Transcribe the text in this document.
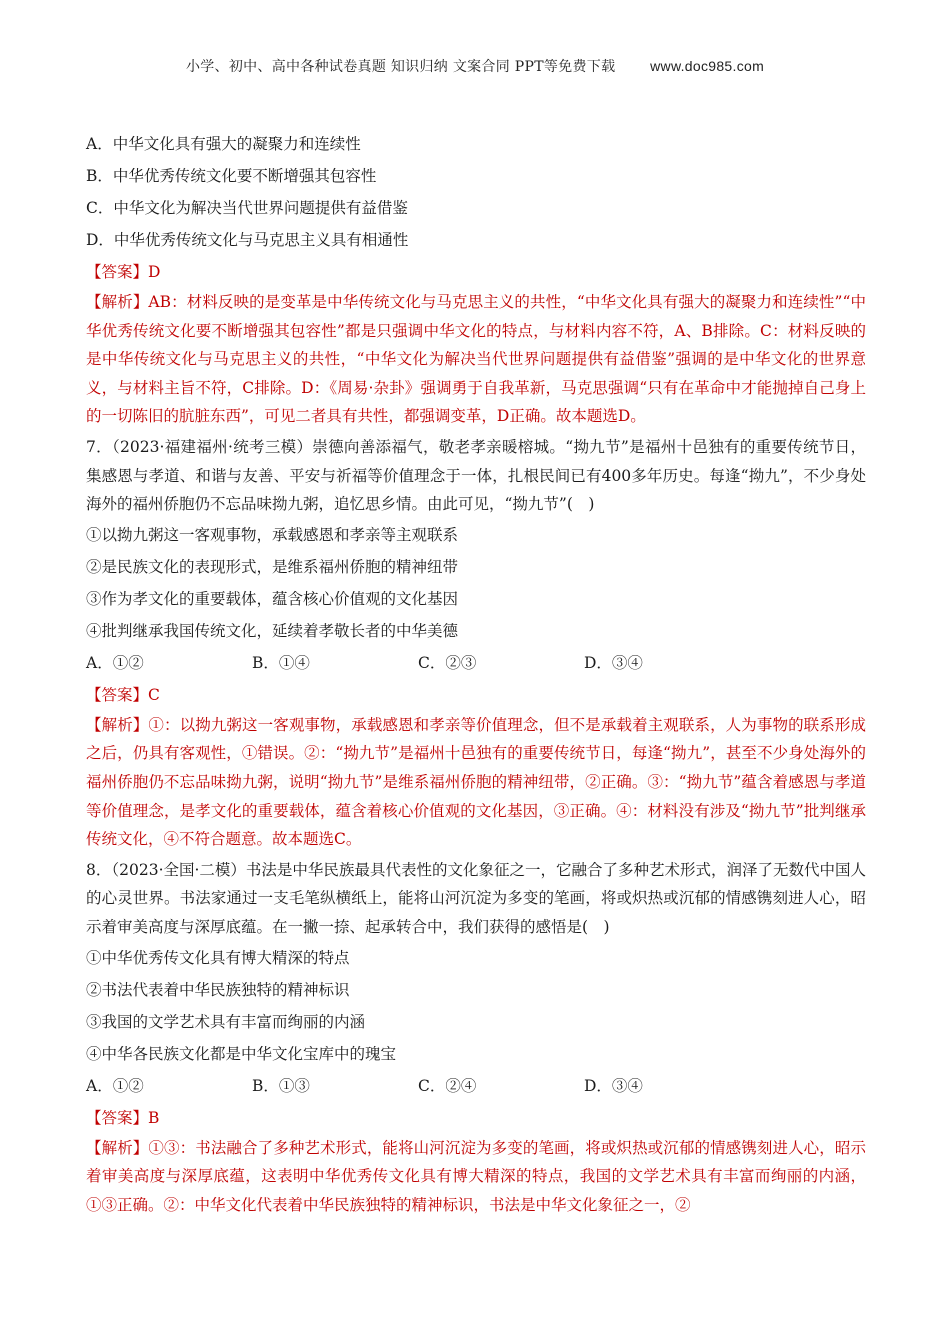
小学、初中、高中各种试卷真题 知识归纳 文案合同 PPT等免费下载 www.doc985.com
A．中华文化具有强大的凝聚力和连续性
B．中华优秀传统文化要不断增强其包容性
C．中华文化为解决当代世界问题提供有益借鉴
D．中华优秀传统文化与马克思主义具有相通性
【答案】D
【解析】AB：材料反映的是变革是中华传统文化与马克思主义的共性，“中华文化具有强大的凝聚力和连续性”“中华优秀传统文化要不断增强其包容性”都是只强调中华文化的特点，与材料内容不符，A、B排除。C：材料反映的是中华传统文化与马克思主义的共性，“中华文化为解决当代世界问题提供有益借鉴”强调的是中华文化的世界意义，与材料主旨不符，C排除。D：《周易·杂卦》强调勇于自我革新，马克思强调“只有在革命中才能抛掉自己身上的一切陈旧的肮脏东西”，可见二者具有共性，都强调变革，D正确。故本题选D。
7．（2023·福建福州·统考三模）崇德向善添福气，敬老孝亲暖榕城。“拗九节”是福州十邑独有的重要传统节日，集感恩与孝道、和谐与友善、平安与祈福等价值理念于一体，扎根民间已有400多年历史。每逢“拗九”，不少身处海外的福州侨胞仍不忘品味拗九粥，追忆思乡情。由此可见，“拗九节”(　)
①以拗九粥这一客观事物，承载感恩和孝亲等主观联系
②是民族文化的表现形式，是维系福州侨胞的精神纽带
③作为孝文化的重要载体，蕴含核心价值观的文化基因
④批判继承我国传统文化，延续着孝敬长者的中华美德
A．①②	B．①④	C．②③	D．③④
【答案】C
【解析】①：以拗九粥这一客观事物，承载感恩和孝亲等价值理念，但不是承载着主观联系，人为事物的联系形成之后，仍具有客观性，①错误。②：“拗九节”是福州十邑独有的重要传统节日，每逢“拗九”，甚至不少身处海外的福州侨胞仍不忘品味拗九粥，说明“拗九节”是维系福州侨胞的精神纽带，②正确。③：“拗九节”蕴含着感恩与孝道等价值理念，是孝文化的重要载体，蕴含着核心价值观的文化基因，③正确。④：材料没有涉及“拗九节”批判继承传统文化，④不符合题意。故本题选C。
8．（2023·全国·二模）书法是中华民族最具代表性的文化象征之一，它融合了多种艺术形式，润泽了无数代中国人的心灵世界。书法家通过一支毛笔纵横纸上，能将山河沉淀为多变的笔画，将或炽热或沉郁的情感镌刻进人心，昭示着审美高度与深厚底蕴。在一撇一捺、起承转合中，我们获得的感悟是(　)
①中华优秀传文化具有博大精深的特点
②书法代表着中华民族独特的精神标识
③我国的文学艺术具有丰富而绚丽的内涵
④中华各民族文化都是中华文化宝库中的瑰宝
A．①②	B．①③	C．②④	D．③④
【答案】B
【解析】①③：书法融合了多种艺术形式，能将山河沉淀为多变的笔画，将或炽热或沉郁的情感镌刻进人心，昭示着审美高度与深厚底蕴，这表明中华优秀传文化具有博大精深的特点，我国的文学艺术具有丰富而绚丽的内涵，①③正确。②：中华文化代表着中华民族独特的精神标识，书法是中华文化象征之一，②
